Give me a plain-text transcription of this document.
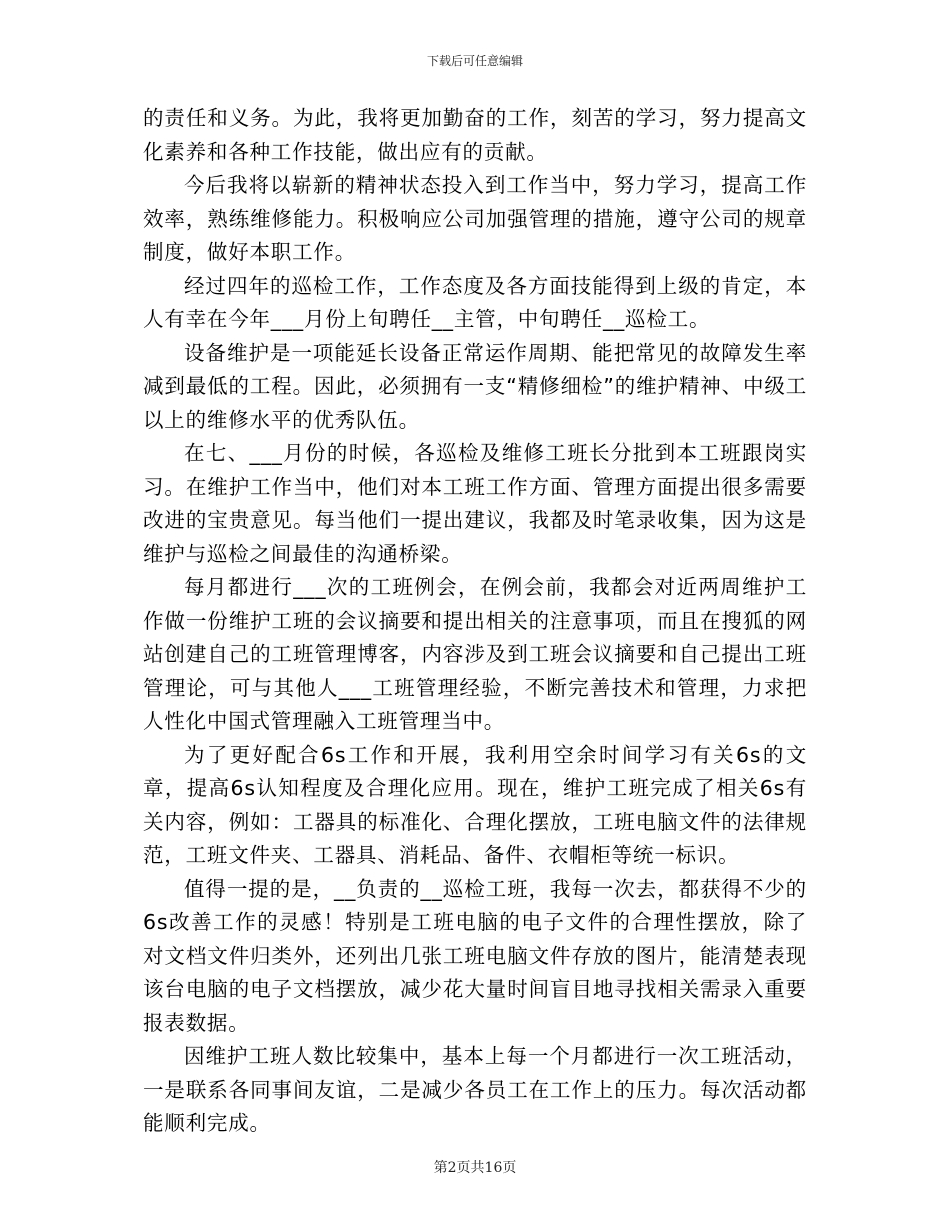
下载后可任意编辑

的责任和义务。为此，我将更加勤奋的工作，刻苦的学习，努力提高文化素养和各种工作技能，做出应有的贡献。

今后我将以崭新的精神状态投入到工作当中，努力学习，提高工作效率，熟练维修能力。积极响应公司加强管理的措施，遵守公司的规章制度，做好本职工作。

经过四年的巡检工作，工作态度及各方面技能得到上级的肯定，本人有幸在今年___月份上旬聘任__主管，中旬聘任__巡检工。

设备维护是一项能延长设备正常运作周期、能把常见的故障发生率减到最低的工程。因此，必须拥有一支“精修细检”的维护精神、中级工以上的维修水平的优秀队伍。

在七、___月份的时候，各巡检及维修工班长分批到本工班跟岗实习。在维护工作当中，他们对本工班工作方面、管理方面提出很多需要改进的宝贵意见。每当他们一提出建议，我都及时笔录收集，因为这是维护与巡检之间最佳的沟通桥梁。

每月都进行___次的工班例会，在例会前，我都会对近两周维护工作做一份维护工班的会议摘要和提出相关的注意事项，而且在搜狐的网站创建自己的工班管理博客，内容涉及到工班会议摘要和自己提出工班管理论，可与其他人___工班管理经验，不断完善技术和管理，力求把人性化中国式管理融入工班管理当中。

为了更好配合6s工作和开展，我利用空余时间学习有关6s的文章，提高6s认知程度及合理化应用。现在，维护工班完成了相关6s有关内容，例如：工器具的标准化、合理化摆放，工班电脑文件的法律规范，工班文件夹、工器具、消耗品、备件、衣帽柜等统一标识。

值得一提的是，__负责的__巡检工班，我每一次去，都获得不少的6s改善工作的灵感！特别是工班电脑的电子文件的合理性摆放，除了对文档文件归类外，还列出几张工班电脑文件存放的图片，能清楚表现该台电脑的电子文档摆放，减少花大量时间盲目地寻找相关需录入重要报表数据。

因维护工班人数比较集中，基本上每一个月都进行一次工班活动，一是联系各同事间友谊，二是减少各员工在工作上的压力。每次活动都能顺利完成。

第2页共16页
